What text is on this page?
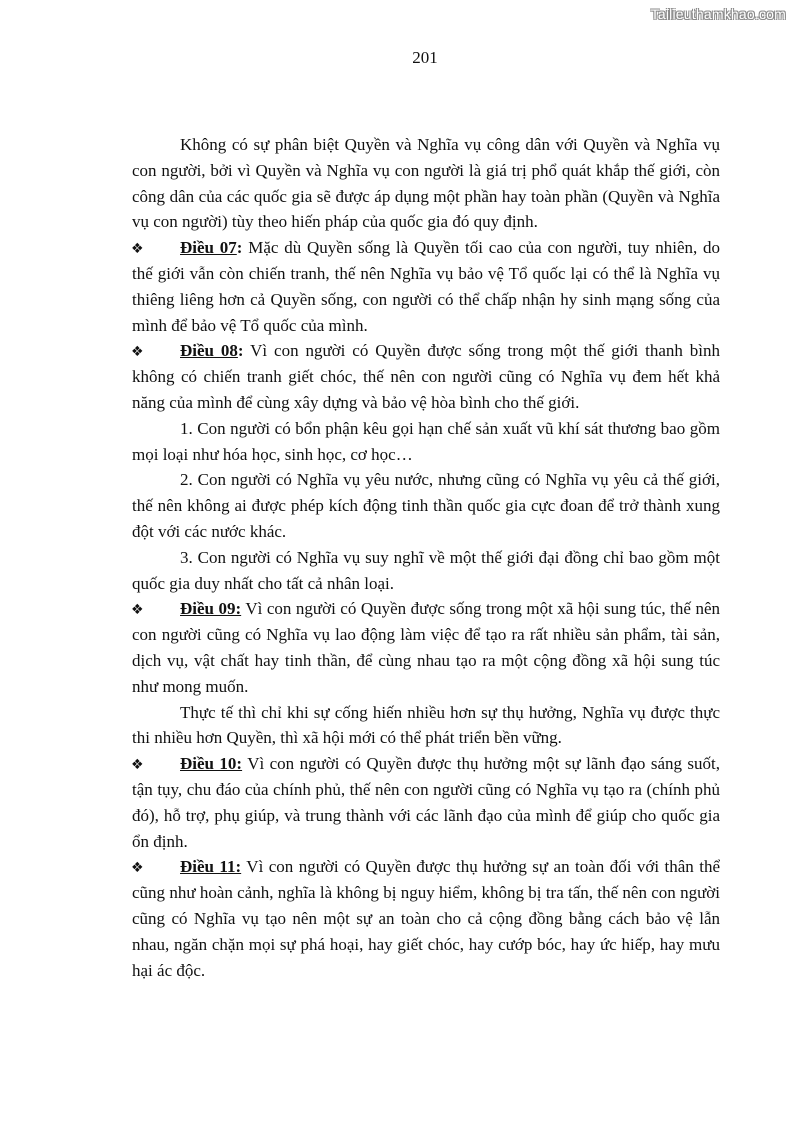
Tailieuthamkhao.com
201

Không có sự phân biệt Quyền và Nghĩa vụ công dân với Quyền và Nghĩa vụ con người, bởi vì Quyền và Nghĩa vụ con người là giá trị phổ quát khắp thế giới, còn công dân của các quốc gia sẽ được áp dụng một phần hay toàn phần (Quyền và Nghĩa vụ con người) tùy theo hiến pháp của quốc gia đó quy định.

❖ Điều 07: Mặc dù Quyền sống là Quyền tối cao của con người, tuy nhiên, do thế giới vẫn còn chiến tranh, thế nên Nghĩa vụ bảo vệ Tổ quốc lại có thể là Nghĩa vụ thiêng liêng hơn cả Quyền sống, con người có thể chấp nhận hy sinh mạng sống của mình để bảo vệ Tổ quốc của mình.

❖ Điều 08: Vì con người có Quyền được sống trong một thế giới thanh bình không có chiến tranh giết chóc, thế nên con người cũng có Nghĩa vụ đem hết khả năng của mình để cùng xây dựng và bảo vệ hòa bình cho thế giới.

1. Con người có bổn phận kêu gọi hạn chế sản xuất vũ khí sát thương bao gồm mọi loại như hóa học, sinh học, cơ học…

2. Con người có Nghĩa vụ yêu nước, nhưng cũng có Nghĩa vụ yêu cả thế giới, thế nên không ai được phép kích động tinh thần quốc gia cực đoan để trở thành xung đột với các nước khác.

3. Con người có Nghĩa vụ suy nghĩ về một thế giới đại đồng chỉ bao gồm một quốc gia duy nhất cho tất cả nhân loại.

❖ Điều 09: Vì con người có Quyền được sống trong một xã hội sung túc, thế nên con người cũng có Nghĩa vụ lao động làm việc để tạo ra rất nhiều sản phẩm, tài sản, dịch vụ, vật chất hay tinh thần, để cùng nhau tạo ra một cộng đồng xã hội sung túc như mong muốn.

Thực tế thì chỉ khi sự cống hiến nhiều hơn sự thụ hưởng, Nghĩa vụ được thực thi nhiều hơn Quyền, thì xã hội mới có thể phát triển bền vững.

❖ Điều 10: Vì con người có Quyền được thụ hưởng một sự lãnh đạo sáng suốt, tận tụy, chu đáo của chính phủ, thế nên con người cũng có Nghĩa vụ tạo ra (chính phủ đó), hỗ trợ, phụ giúp, và trung thành với các lãnh đạo của mình để giúp cho quốc gia ổn định.

❖ Điều 11: Vì con người có Quyền được thụ hưởng sự an toàn đối với thân thể cũng như hoàn cảnh, nghĩa là không bị nguy hiểm, không bị tra tấn, thế nên con người cũng có Nghĩa vụ tạo nên một sự an toàn cho cả cộng đồng bằng cách bảo vệ lẫn nhau, ngăn chặn mọi sự phá hoại, hay giết chóc, hay cướp bóc, hay ức hiếp, hay mưu hại ác độc.
